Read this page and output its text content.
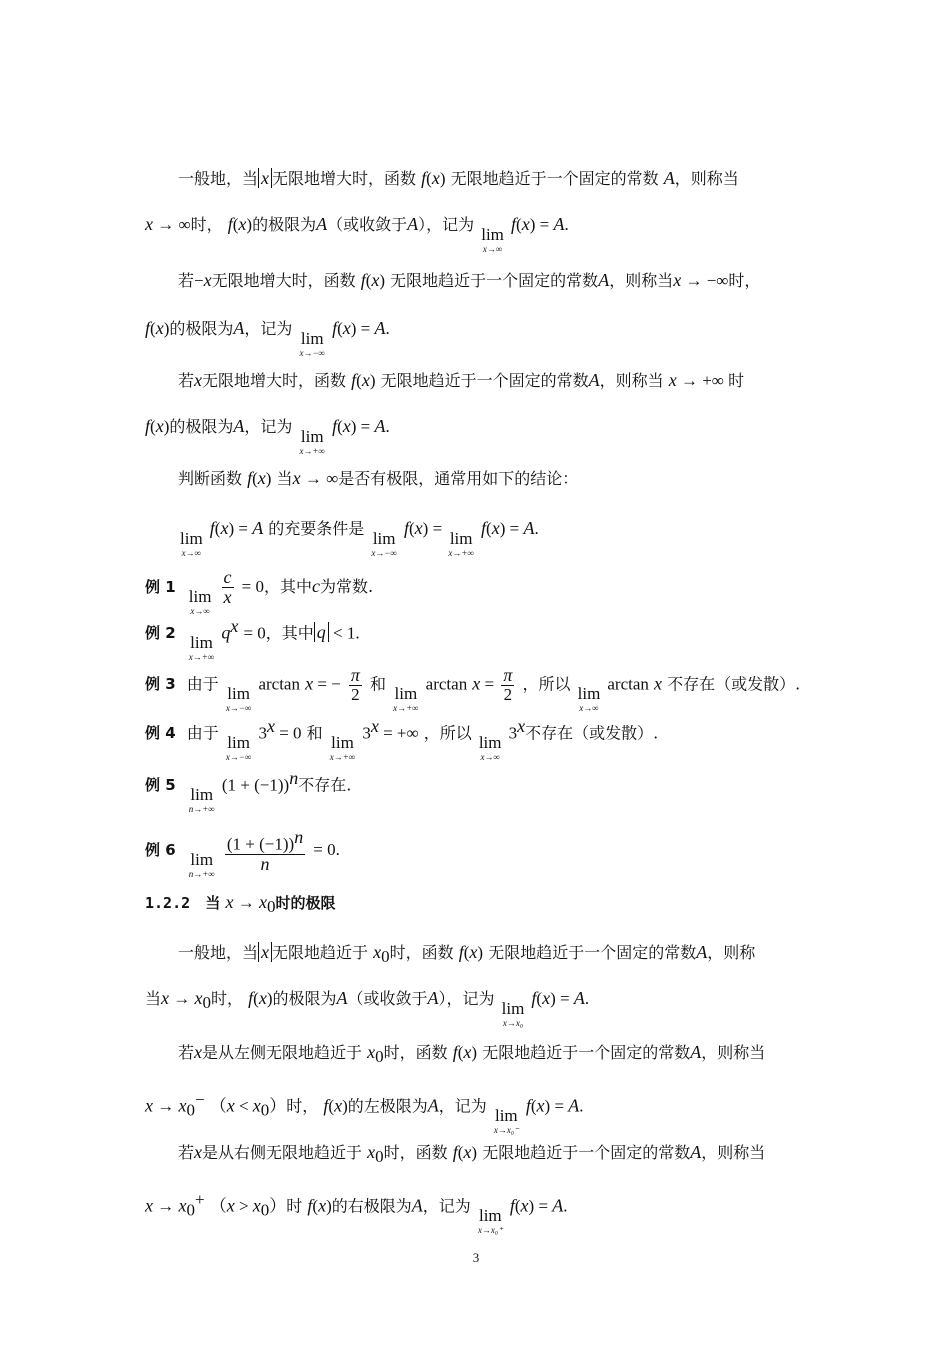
一般地，当 x 无限地增大时，函数 f(x) 无限地趋近于一个固定的常数 A，则称当
x → ∞时， f(x)的极限为A（或收敛于A），记为
lim
x→∞
f(x) = A.
若−x无限地增大时，函数 f(x) 无限地趋近于一个固定的常数A，则称当x → −∞时，
f(x)的极限为A，记为
lim
x→−∞
f(x) = A.
若x无限地增大时，函数 f(x) 无限地趋近于一个固定的常数A，则称当 x → +∞ 时
f(x)的极限为A，记为
lim
x→+∞
f(x) = A.
判断函数 f(x) 当x → ∞是否有极限，通常用如下的结论：
lim
x→∞
f(x) = A 的充要条件是
lim
x→−∞
f(x) =
lim
x→+∞
f(x) = A.
例 1 lim
x→∞

$\frac{c}{x} = 0$，其中c为常数.
例 2 lim
x→+∞
$q^x = 0$，其中 q < 1.
例 3 由于
lim
x→−∞
arctan x = − $\frac{\pi}{2}$ 和
lim
x→+∞
$\arctan x = \frac{\pi}{2}$ ，所以
lim
x→∞
arctan x 不存在（或发散）.
例 4 由于
lim
x→−∞
$3^x = 0$ 和
lim
x→+∞
$3^x$ = +∞ ，所以
lim
x→∞
3$^x$不存在（或发散）.
例 5 lim
n→+∞
$(1 + (-1))^n$不存在.
例 6 lim
n→+∞

$\frac{(1 + (-1))^n}{n} = 0$.
1.2.2 当 $x \to x_0$时的极限
一般地，当 x 无限地趋近于 $x_0$时，函数 f(x) 无限地趋近于一个固定的常数A，则称
当$x \to x_0$时， f(x)的极限为A（或收敛于A），记为
lim
x→x₀
f(x) = A.
若x是从左侧无限地趋近于 $x_0$时，函数 f(x) 无限地趋近于一个固定的常数A，则称当
$x \to x_0^-$ $(x < x_0)$时， f(x)的左极限为A，记为
lim
x→x₀⁻
f(x) = A.
若x是从右侧无限地趋近于 $x_0$时，函数 f(x) 无限地趋近于一个固定的常数A，则称当
$x \to x_0^+$ $(x > x_0)$时 f(x)的右极限为A，记为
lim
x→x₀⁺
f(x) = A.
3
